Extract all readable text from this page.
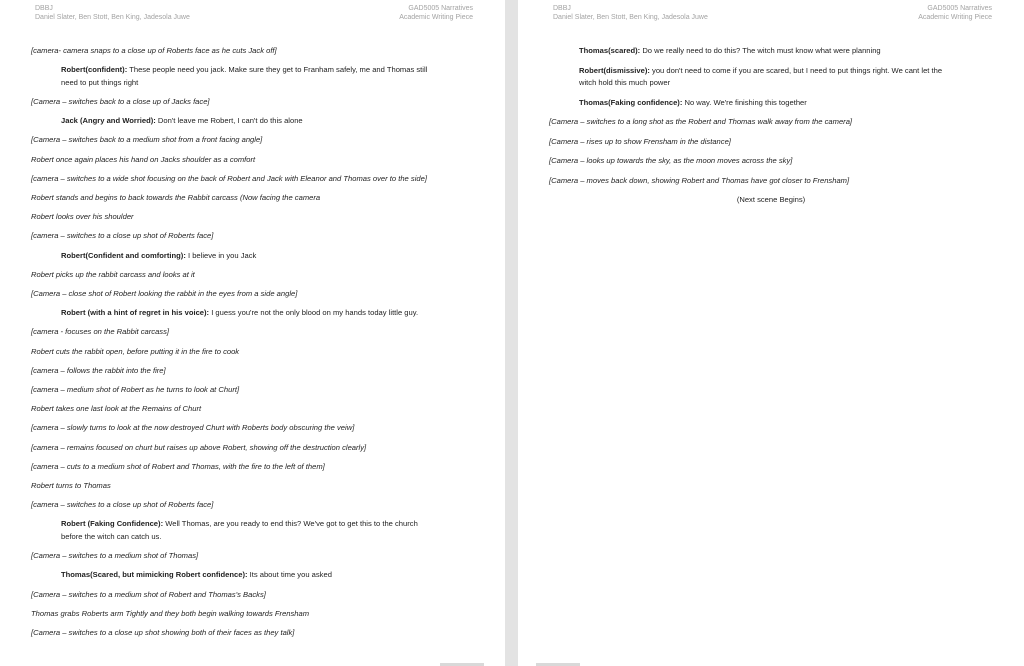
DBBJ
Daniel Slater, Ben Stott, Ben King, Jadesola Juwe
GAD5005 Narratives
Academic Writing Piece
[camera- camera snaps to a close up of Roberts face as he cuts Jack off]
Robert(confident): These people need you jack. Make sure they get to Franham safely, me and Thomas still
need to put things right
[Camera – switches back to a close up of Jacks face]
Jack (Angry and Worried): Don't leave me Robert, I can't do this alone
[Camera – switches back to a medium shot from a front facing angle]
Robert once again places his hand on Jacks shoulder as a comfort
[camera – switches to a wide shot focusing on the back of Robert and Jack with Eleanor and Thomas over to the side]
Robert stands and begins to back towards the Rabbit carcass (Now facing the camera
Robert looks over his shoulder
[camera – switches to a close up shot of Roberts face]
Robert(Confident and comforting): I believe in you Jack
Robert picks up the rabbit carcass and looks at it
[Camera – close shot of Robert looking the rabbit in the eyes from a side angle]
Robert (with a hint of regret in his voice): I guess you're not the only blood on my hands today little guy.
[camera - focuses on the Rabbit carcass]
Robert cuts the rabbit open, before putting it in the fire to cook
[camera – follows the rabbit into the fire]
[camera – medium shot of Robert as he turns to look at Churt]
Robert takes one last look at the Remains of Churt
[camera – slowly turns to look at the now destroyed Churt with Roberts body obscuring the veiw]
[camera – remains focused on churt but raises up above Robert, showing off the destruction clearly]
[camera – cuts to a medium shot of Robert and Thomas, with the fire to the left of them]
Robert turns to Thomas
[camera – switches to a close up shot of Roberts face]
Robert (Faking Confidence): Well Thomas, are you ready to end this? We've got to get this to the church
before the witch can catch us.
[Camera – switches to a medium shot of Thomas]
Thomas(Scared, but mimicking Robert confidence): Its about time you asked
[Camera – switches to a medium shot of Robert and Thomas's Backs]
Thomas grabs Roberts arm Tightly and they both begin walking towards Frensham
[Camera – switches to a close up shot showing both of their faces as they talk]
DBBJ
Daniel Slater, Ben Stott, Ben King, Jadesola Juwe
GAD5005 Narratives
Academic Writing Piece
Thomas(scared): Do we really need to do this? The witch must know what were planning
Robert(dismissive): you don't need to come if you are scared, but I need to put things right. We cant let the
witch hold this much power
Thomas(Faking confidence): No way. We're finishing this together
[Camera – switches to a long shot as the Robert and Thomas walk away from the camera]
[Camera – rises up to show Frensham in the distance]
[Camera – looks up towards the sky, as the moon moves across the sky]
[Camera – moves back down, showing Robert and Thomas have got closer to Frensham]
(Next scene Begins)
